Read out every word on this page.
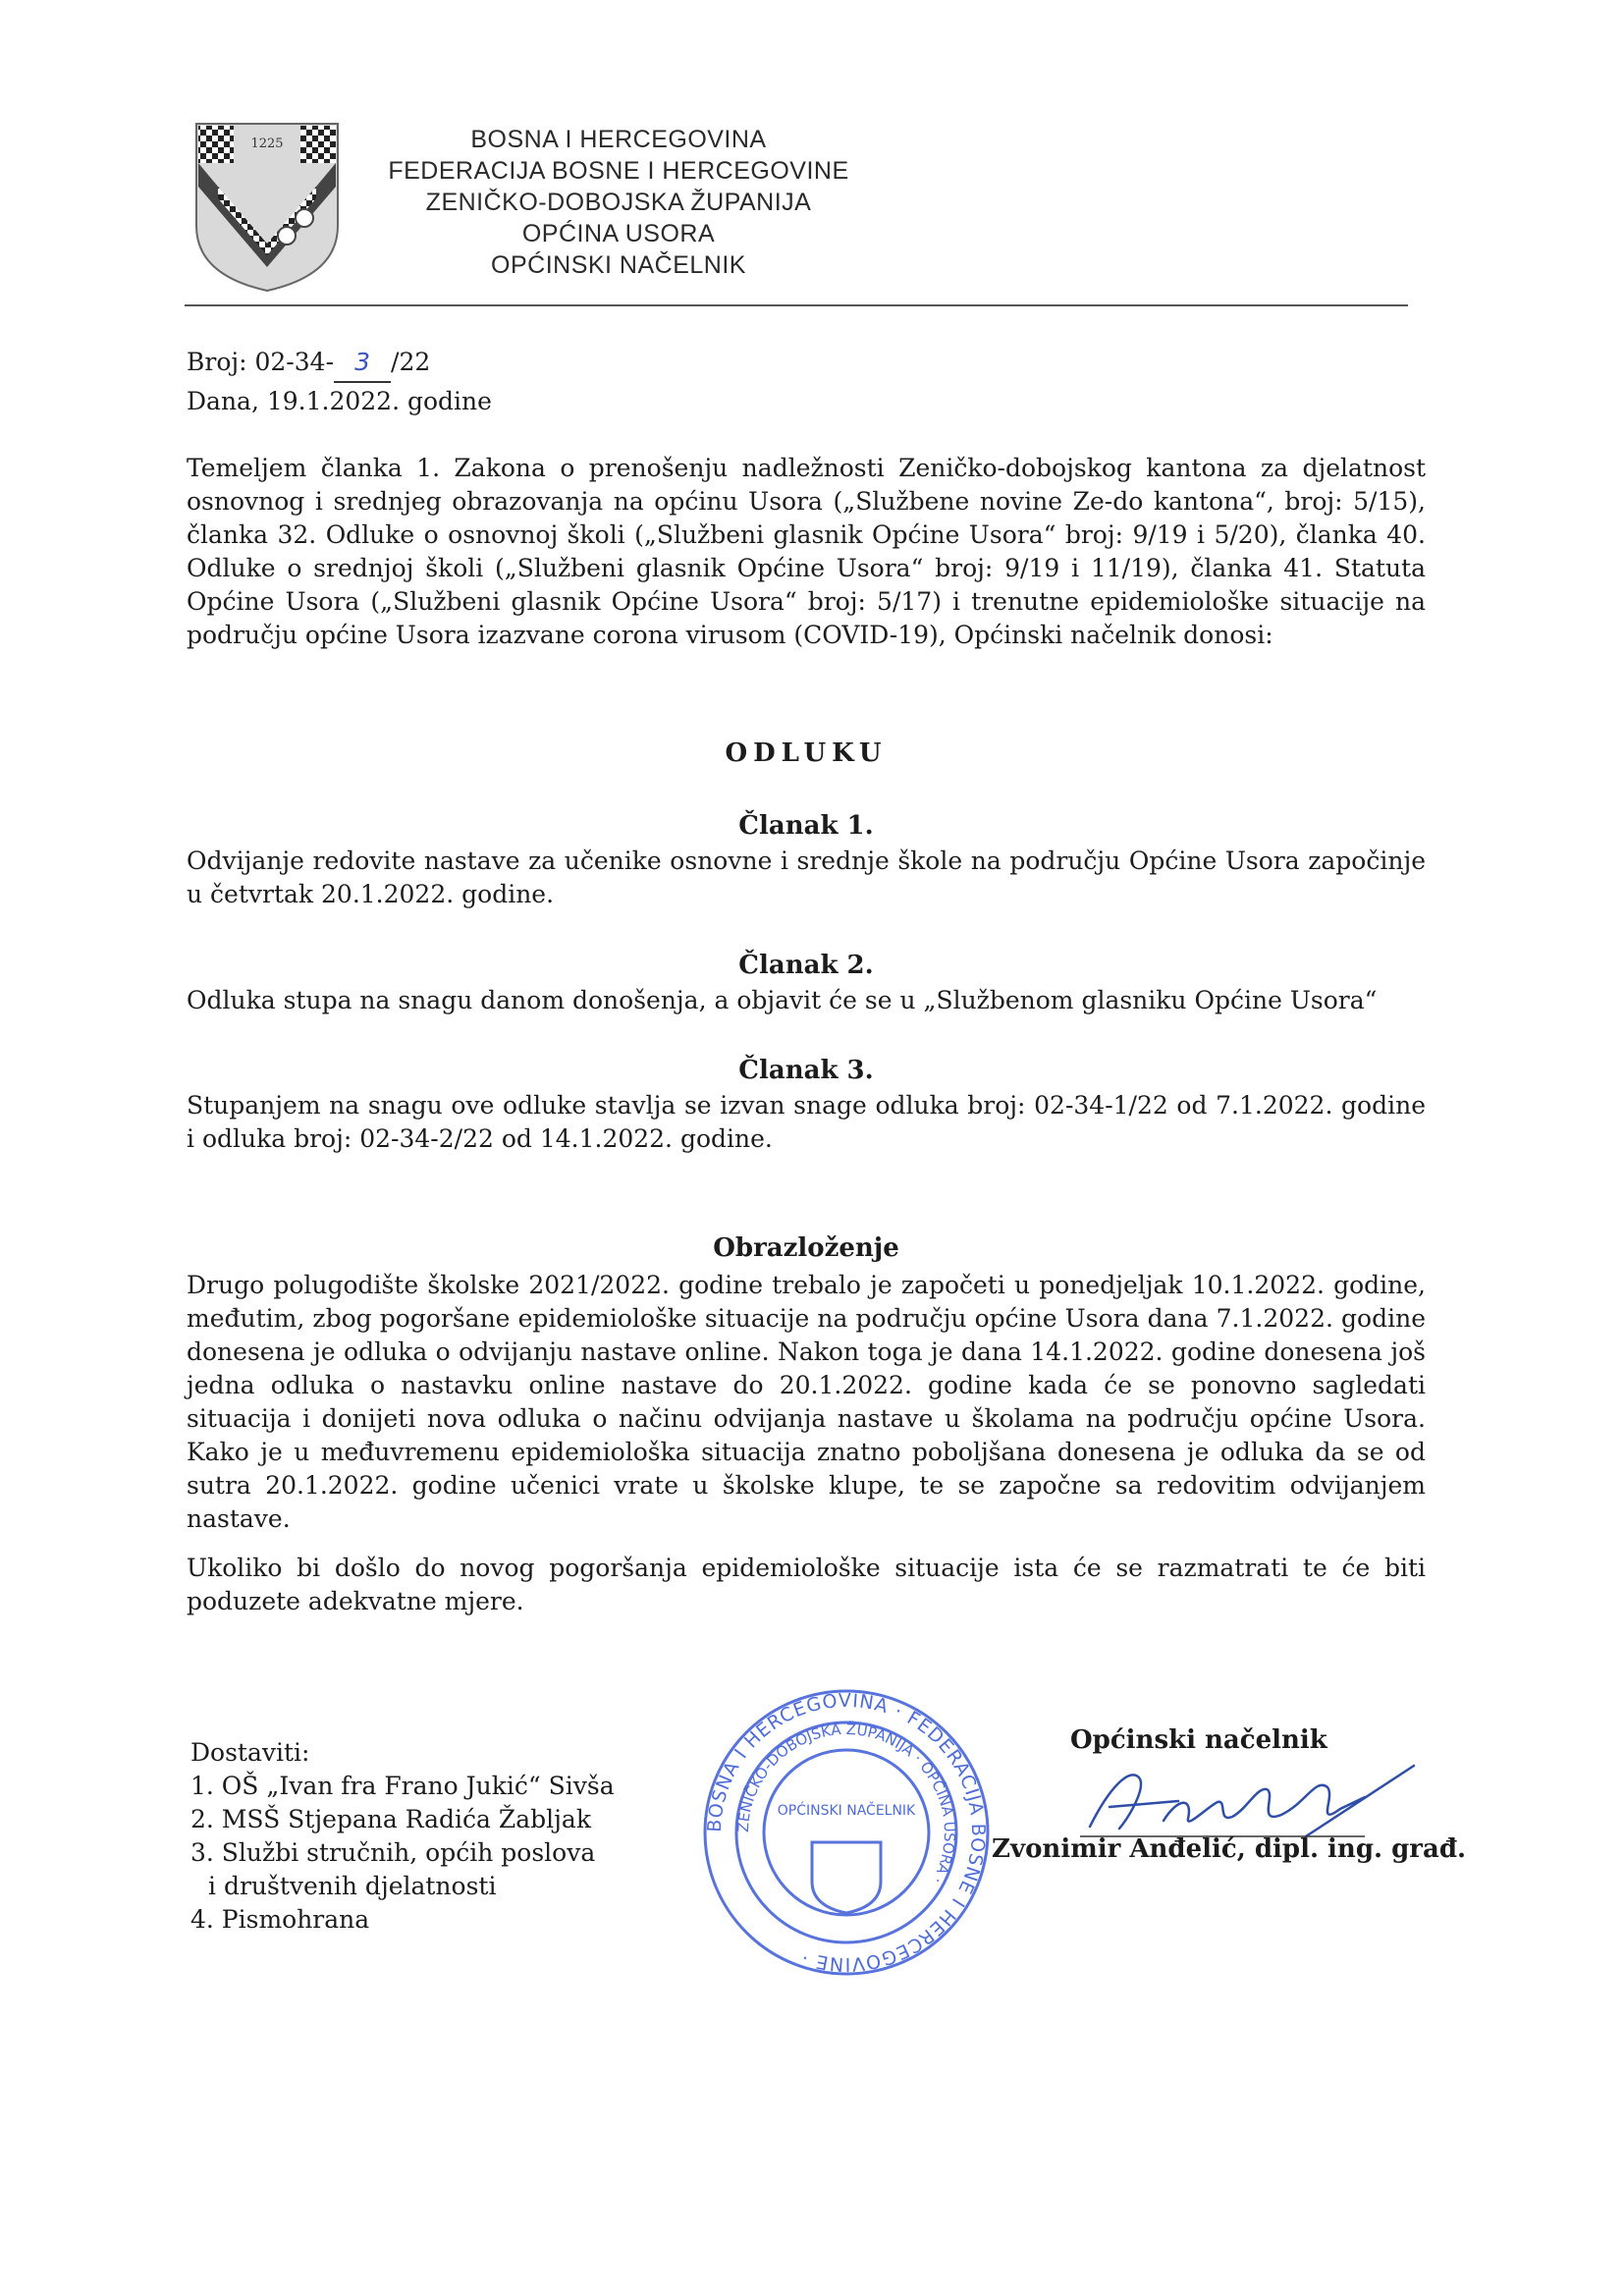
1225	BOSNA I HERCEGOVINA
FEDERACIJA BOSNE I HERCEGOVINE
ZENIČKO-DOBOJSKA ŽUPANIJA
OPĆINA USORA
OPĆINSKI NAČELNIK
Broj: 02-34- 3 /22
Dana, 19.1.2022. godine
Temeljem članka 1. Zakona o prenošenju nadležnosti Zeničko-dobojskog kantona za djelatnost osnovnog i srednjeg obrazovanja na općinu Usora („Službene novine Ze-do kantona“, broj: 5/15), članka 32. Odluke o osnovnoj školi („Službeni glasnik Općine Usora“ broj: 9/19 i 5/20), članka 40. Odluke o srednjoj školi („Službeni glasnik Općine Usora“ broj: 9/19 i 11/19), članka 41. Statuta Općine Usora („Službeni glasnik Općine Usora“ broj: 5/17) i trenutne epidemiološke situacije na području općine Usora izazvane corona virusom (COVID-19), Općinski načelnik donosi:
ODLUKU
Članak 1.
Odvijanje redovite nastave za učenike osnovne i srednje škole na području Općine Usora započinje u četvrtak 20.1.2022. godine.
Članak 2.
Odluka stupa na snagu danom donošenja, a objavit će se u „Službenom glasniku Općine Usora“
Članak 3.
Stupanjem na snagu ove odluke stavlja se izvan snage odluka broj: 02-34-1/22 od 7.1.2022. godine i odluka broj: 02-34-2/22 od 14.1.2022. godine.
Obrazloženje
Drugo polugodište školske 2021/2022. godine trebalo je započeti u ponedjeljak 10.1.2022. godine, međutim, zbog pogoršane epidemiološke situacije na području općine Usora dana 7.1.2022. godine donesena je odluka o odvijanju nastave online. Nakon toga je dana 14.1.2022. godine donesena još jedna odluka o nastavku online nastave do 20.1.2022. godine kada će se ponovno sagledati situacija i donijeti nova odluka o načinu odvijanja nastave u školama na području općine Usora. Kako je u međuvremenu epidemiološka situacija znatno poboljšana donesena je odluka da se od sutra 20.1.2022. godine učenici vrate u školske klupe, te se započne sa redovitim odvijanjem nastave.
Ukoliko bi došlo do novog pogoršanja epidemiološke situacije ista će se razmatrati te će biti poduzete adekvatne mjere.
Dostaviti:
1. OŠ „Ivan fra Frano Jukić“ Sivša
2. MSŠ Stjepana Radića Žabljak
3. Službi stručnih, općih poslova
i društvenih djelatnosti
4. Pismohrana
BOSNA I HERCEGOVINA · FEDERACIJA BOSNE I HERCEGOVINE ·
ZENIČKO-DOBOJSKA ŽUPANIJA · OPĆINA USORA ·
OPĆINSKI NAČELNIK
Općinski načelnik
Zvonimir Anđelić, dipl. ing. građ.
